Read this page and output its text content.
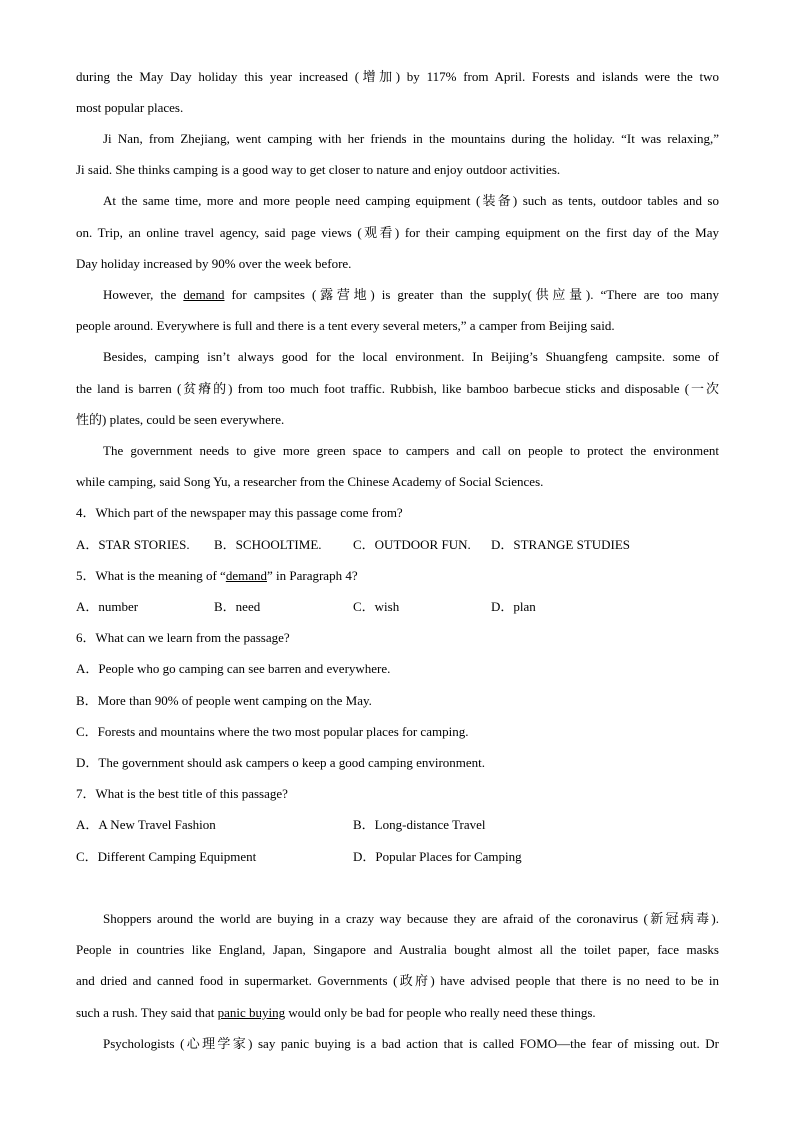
during the May Day holiday this year increased (增加) by 117% from April. Forests and islands were the two
most popular places.
Ji Nan, from Zhejiang, went camping with her friends in the mountains during the holiday. “It was relaxing,”
Ji said. She thinks camping is a good way to get closer to nature and enjoy outdoor activities.
At the same time, more and more people need camping equipment (装备) such as tents, outdoor tables and so
on. Trip, an online travel agency, said page views (观看) for their camping equipment on the first day of the May
Day holiday increased by 90% over the week before.
However, the demand for campsites (露营地) is greater than the supply(供应量). “There are too many
people around. Everywhere is full and there is a tent every several meters,” a camper from Beijing said.
Besides, camping isn’t always good for the local environment. In Beijing’s Shuangfeng campsite. some of
the land is barren (贫瘠的) from too much foot traffic. Rubbish, like bamboo barbecue sticks and disposable (一次
性的) plates, could be seen everywhere.
The government needs to give more green space to campers and call on people to protect the environment
while camping, said Song Yu, a researcher from the Chinese Academy of Social Sciences.
4．Which part of the newspaper may this passage come from?
A．STAR STORIES. B．SCHOOLTIME. C．OUTDOOR FUN. D．STRANGE STUDIES
5．What is the meaning of “demand” in Paragraph 4?
A．number	B．need	C．wish	D．plan
6．What can we learn from the passage?
A．People who go camping can see barren and everywhere.
B．More than 90% of people went camping on the May.
C．Forests and mountains where the two most popular places for camping.
D．The government should ask campers o keep a good camping environment.
7．What is the best title of this passage?
A．A New Travel Fashion	B．Long-distance Travel
C．Different Camping Equipment	D．Popular Places for Camping
Shoppers around the world are buying in a crazy way because they are afraid of the coronavirus (新冠病毒).
People in countries like England, Japan, Singapore and Australia bought almost all the toilet paper, face masks
and dried and canned food in supermarket. Governments (政府) have advised people that there is no need to be in
such a rush. They said that panic buying would only be bad for people who really need these things.
Psychologists (心理学家) say panic buying is a bad action that is called FOMO—the fear of missing out. Dr
